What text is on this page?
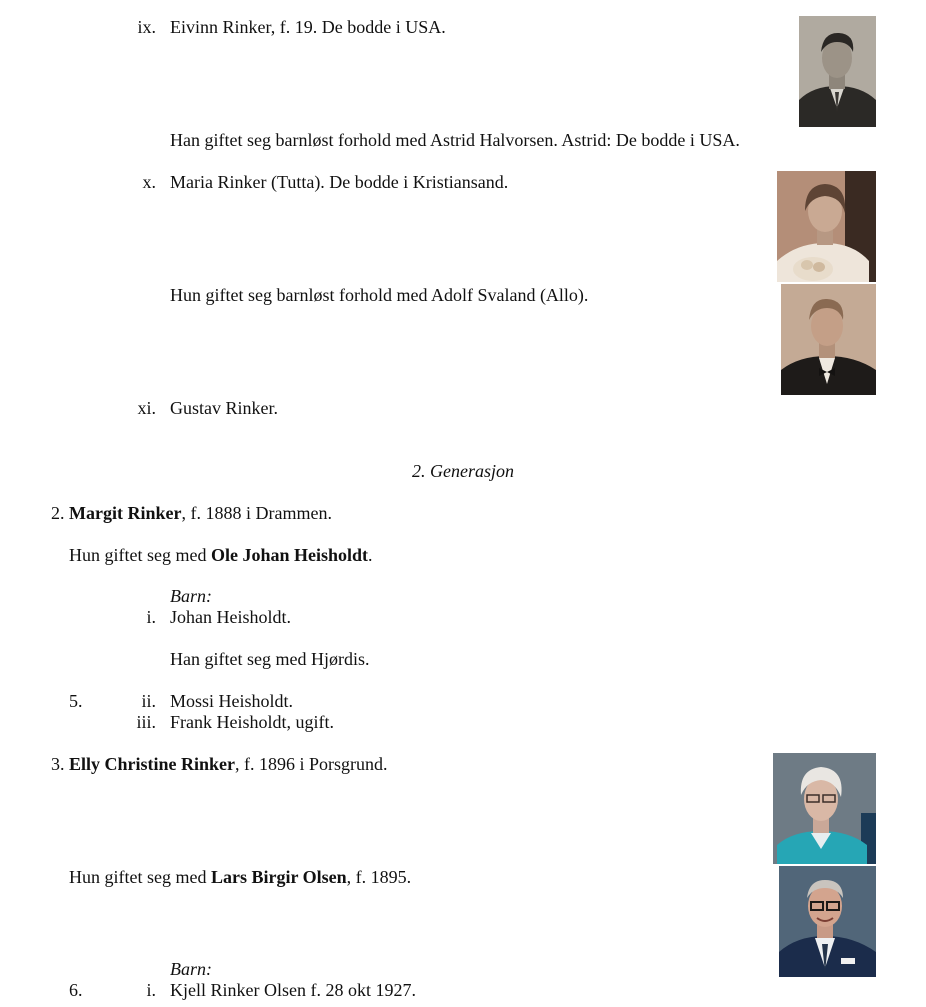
ix. Eivinn Rinker, f. 19. De bodde i USA.
Han giftet seg barnløst forhold med Astrid Halvorsen. Astrid: De bodde i USA.
x. Maria Rinker (Tutta). De bodde i Kristiansand.
Hun giftet seg barnløst forhold med Adolf Svaland (Allo).
xi. Gustav Rinker.
2. Generasjon
2. Margit Rinker, f. 1888 i Drammen.
Hun giftet seg med Ole Johan Heisholdt.
Barn:
i. Johan Heisholdt.
Han giftet seg med Hjørdis.
5.	ii. Mossi Heisholdt.
iii. Frank Heisholdt, ugift.
3. Elly Christine Rinker, f. 1896 i Porsgrund.
Hun giftet seg med Lars Birgir Olsen, f. 1895.
Barn:
6.	i. Kjell Rinker Olsen f. 28 okt 1927.
